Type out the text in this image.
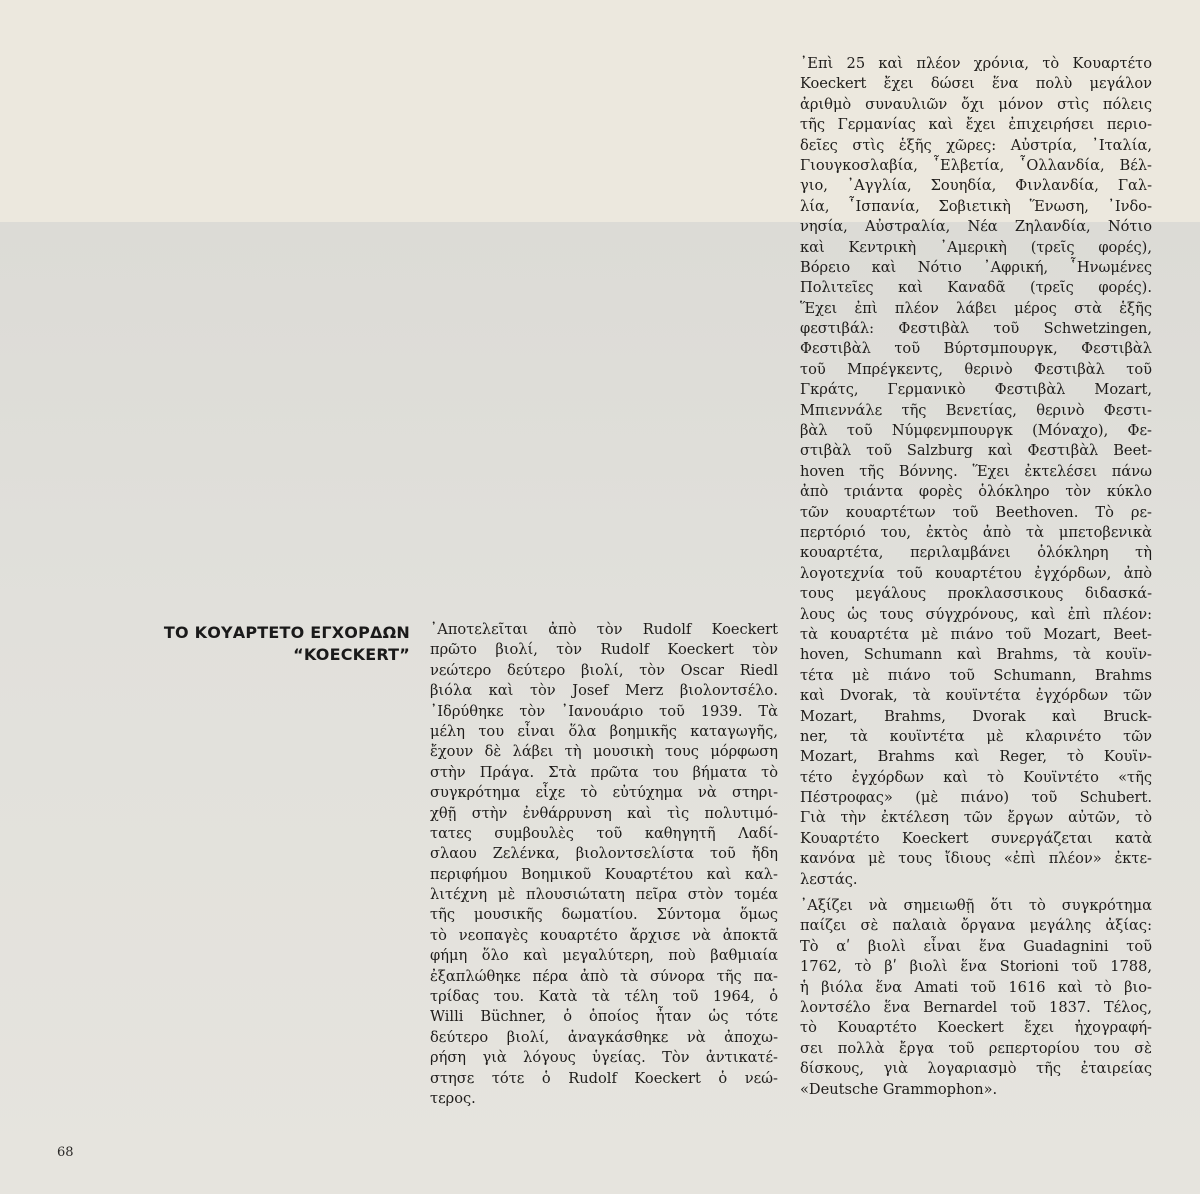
ΤΟ ΚΟΥΑΡΤΕΤΟ ΕΓΧΟΡΔΩΝ
“KOECKERT”
᾽Αποτελεῖται ἀπὸ τὸν Rudolf Koeckert
πρῶτο βιολί, τὸν Rudolf Koeckert τὸν
νεώτερο δεύτερο βιολί, τὸν Oscar Riedl
βιόλα καὶ τὸν Josef Merz βιολοντσέλο.
᾿Ιδρύθηκε τὸν ᾽Ιανουάριο τοῦ 1939. Τὰ
μέλη του εἶναι ὅλα βοημικῆς καταγωγῆς,
ἔχουν δὲ λάβει τὴ μουσικὴ τους μόρφωση
στὴν Πράγα. Στὰ πρῶτα του βήματα τὸ
συγκρότημα εἶχε τὸ εὐτύχημα νὰ στηρι-
χθῇ στὴν ἐνθάρρυνση καὶ τὶς πολυτιμό-
τατες συμβουλὲς τοῦ καθηγητῆ Λαδί-
σλαου Ζελένκα, βιολοντσελίστα τοῦ ἤδη
περιφήμου Βοημικοῦ Κουαρτέτου καὶ καλ-
λιτέχνη μὲ πλουσιώτατη πεῖρα στὸν τομέα
τῆς μουσικῆς δωματίου. Σύντομα ὅμως
τὸ νεοπαγὲς κουαρτέτο ἄρχισε νὰ ἀποκτᾶ
φήμη ὅλο καὶ μεγαλύτερη, ποὺ βαθμιαία
ἐξαπλώθηκε πέρα ἀπὸ τὰ σύνορα τῆς πα-
τρίδας του. Κατὰ τὰ τέλη τοῦ 1964, ὁ
Willi Büchner, ὁ ὁποίος ἦταν ὡς τότε
δεύτερο βιολί, ἀναγκάσθηκε νὰ ἀποχω-
ρήση γιὰ λόγους ὑγείας. Τὸν ἀντικατέ-
στησε τότε ὁ Rudolf Koeckert ὁ νεώ-
τερος.
᾽Επὶ 25 καὶ πλέον χρόνια, τὸ Κουαρτέτο
Koeckert ἔχει δώσει ἕνα πολὺ μεγάλον
ἀριθμὸ συναυλιῶν ὄχι μόνον στὶς πόλεις
τῆς Γερμανίας καὶ ἔχει ἐπιχειρήσει περιο-
δεῖες στὶς ἑξῆς χῶρες: Αὐστρία, ᾽Ιταλία,
Γιουγκοσλαβία, ῟Ελβετία, ῟Ολλανδία, Βέλ-
γιο, ᾽Αγγλία, Σουηδία, Φινλανδία, Γαλ-
λία, ῟Ισπανία, Σοβιετικὴ Ἕνωση, ᾽Ινδο-
νησία, Αὐστραλία, Νέα Ζηλανδία, Νότιο
καὶ Κεντρικὴ ᾽Αμερικὴ (τρεῖς φορές),
Βόρειο καὶ Νότιο ᾽Αφρική, ῟Ηνωμένες
Πολιτεῖες καὶ Καναδᾶ (τρεῖς φορές).
Ἕχει ἐπὶ πλέον λάβει μέρος στὰ ἑξῆς
φεστιβάλ: Φεστιβὰλ τοῦ Schwetzingen,
Φεστιβὰλ τοῦ Βύρτσμπουργκ, Φεστιβὰλ
τοῦ Μπρέγκεντς, θερινὸ Φεστιβὰλ τοῦ
Γκράτς, Γερμανικὸ Φεστιβὰλ Mozart,
Μπιεννάλε τῆς Βενετίας, θερινὸ Φεστι-
βὰλ τοῦ Νύμφενμπουργκ (Μόναχο), Φε-
στιβὰλ τοῦ Salzburg καὶ Φεστιβὰλ Beet-
hoven τῆς Βόννης. Ἕχει ἐκτελέσει πάνω
ἀπὸ τριάντα φορὲς ὁλόκληρο τὸν κύκλο
τῶν κουαρτέτων τοῦ Beethoven. Τὸ ρε-
περτόριό του, ἐκτὸς ἀπὸ τὰ μπετοβενικὰ
κουαρτέτα, περιλαμβάνει ὁλόκληρη τὴ
λογοτεχνία τοῦ κουαρτέτου ἐγχόρδων, ἀπὸ
τους μεγάλους προκλασσικους διδασκά-
λους ὡς τους σύγχρόνους, καὶ ἐπὶ πλέον:
τὰ κουαρτέτα μὲ πιάνο τοῦ Mozart, Beet-
hoven, Schumann καὶ Brahms, τὰ κουϊν-
τέτα μὲ πιάνο τοῦ Schumann, Brahms
καὶ Dvorak, τὰ κουϊντέτα ἐγχόρδων τῶν
Mozart, Brahms, Dvorak καὶ Bruck-
ner, τὰ κουϊντέτα μὲ κλαρινέτο τῶν
Mozart, Brahms καὶ Reger, τὸ Κουϊν-
τέτο ἐγχόρδων καὶ τὸ Κουϊντέτο «τῆς
Πέστροφας» (μὲ πιάνο) τοῦ Schubert.
Γιὰ τὴν ἐκτέλεση τῶν ἔργων αὐτῶν, τὸ
Κουαρτέτο Koeckert συνεργάζεται κατὰ
κανόνα μὲ τους ἴδιους «ἐπὶ πλέον» ἐκτε-
λεστάς.
᾽Αξίζει νὰ σημειωθῇ ὅτι τὸ συγκρότημα
παίζει σὲ παλαιὰ ὄργανα μεγάλης ἀξίας:
Τὸ αʹ βιολὶ εἶναι ἕνα Guadagnini τοῦ
1762, τὸ βʹ βιολὶ ἕνα Storioni τοῦ 1788,
ἡ βιόλα ἕνα Amati τοῦ 1616 καὶ τὸ βιο-
λοντσέλο ἕνα Bernardel τοῦ 1837. Τέλος,
τὸ Κουαρτέτο Koeckert ἔχει ἠχογραφή-
σει πολλὰ ἔργα τοῦ ρεπερτορίου του σὲ
δίσκους, γιὰ λογαριασμὸ τῆς ἐταιρείας
«Deutsche Grammophon».
68
